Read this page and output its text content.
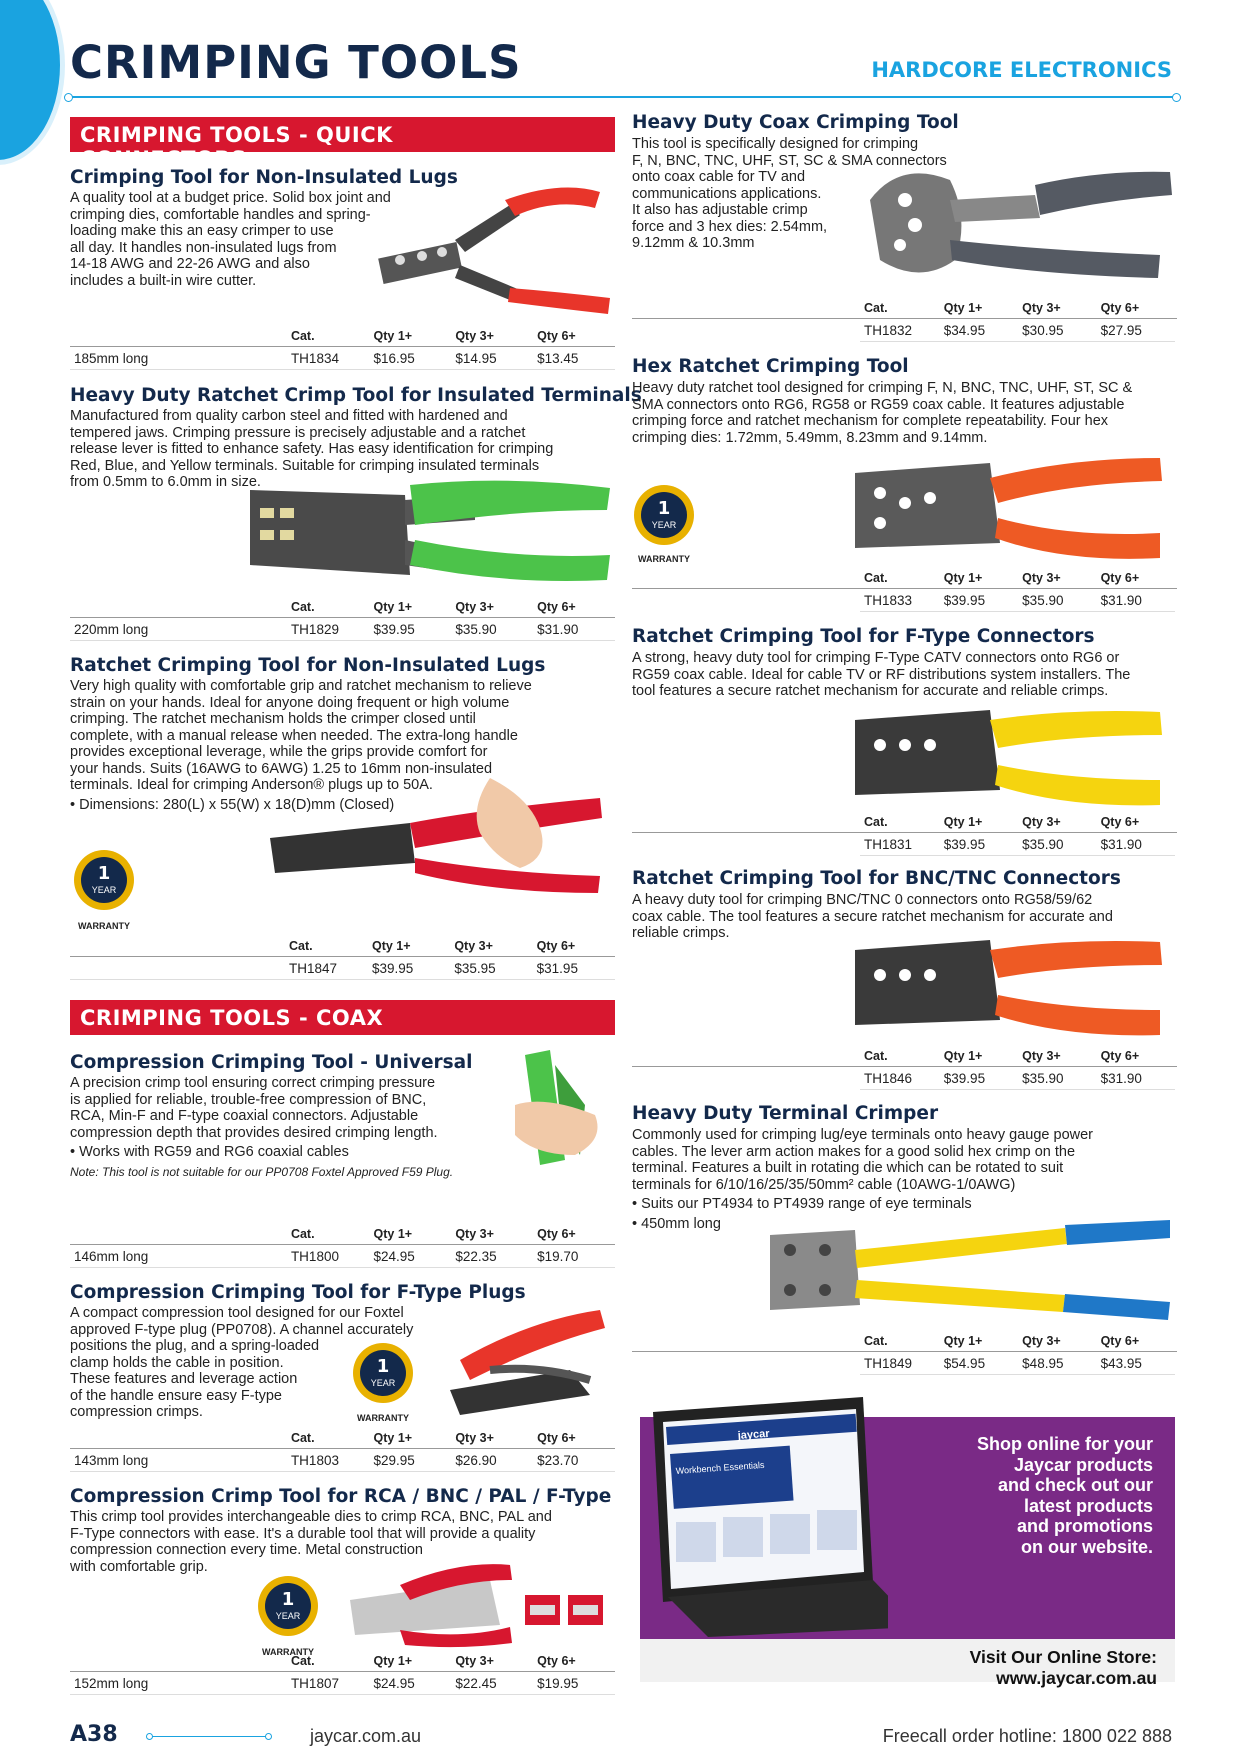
CRIMPING TOOLS	HARDCORE ELECTRONICS
CRIMPING TOOLS - QUICK CONNECTORS CONTINUED
Crimping Tool for Non-Insulated Lugs
A quality tool at a budget price. Solid box joint and
crimping dies, comfortable handles and spring-
loading make this an easy crimper to use
all day. It handles non-insulated lugs from
14-18 AWG and 22-26 AWG and also
includes a built-in wire cutter.
	Cat.	Qty 1+	Qty 3+	Qty 6+
185mm long	TH1834	$16.95	$14.95	$13.45
Heavy Duty Ratchet Crimp Tool for Insulated Terminals
Manufactured from quality carbon steel and fitted with hardened and
tempered jaws. Crimping pressure is precisely adjustable and a ratchet
release lever is fitted to enhance safety. Has easy identification for crimping
Red, Blue, and Yellow terminals. Suitable for crimping insulated terminals
from 0.5mm to 6.0mm in size.
	Cat.	Qty 1+	Qty 3+	Qty 6+
220mm long	TH1829	$39.95	$35.90	$31.90
Ratchet Crimping Tool for Non-Insulated Lugs
Very high quality with comfortable grip and ratchet mechanism to relieve
strain on your hands. Ideal for anyone doing frequent or high volume
crimping. The ratchet mechanism holds the crimper closed until
complete, with a manual release when needed. The extra-long handle
provides exceptional leverage, while the grips provide comfort for
your hands. Suits (16AWG to 6AWG) 1.25 to 16mm non-insulated
terminals. Ideal for crimping Anderson® plugs up to 50A.
• Dimensions: 280(L) x 55(W) x 18(D)mm (Closed)
1
YEAR
WARRANTY
	Cat.	Qty 1+	Qty 3+	Qty 6+
	TH1847	$39.95	$35.95	$31.95
CRIMPING TOOLS - COAX
Compression Crimping Tool - Universal
A precision crimp tool ensuring correct crimping pressure
is applied for reliable, trouble-free compression of BNC,
RCA, Min-F and F-type coaxial connectors. Adjustable
compression depth that provides desired crimping length.
• Works with RG59 and RG6 coaxial cables
Note: This tool is not suitable for our PP0708 Foxtel Approved F59 Plug.
	Cat.	Qty 1+	Qty 3+	Qty 6+
146mm long	TH1800	$24.95	$22.35	$19.70
Compression Crimping Tool for F-Type Plugs
A compact compression tool designed for our Foxtel
approved F-type plug (PP0708). A channel accurately
positions the plug, and a spring-loaded
clamp holds the cable in position.
These features and leverage action
of the handle ensure easy F-type
compression crimps.
1
YEAR
WARRANTY
	Cat.	Qty 1+	Qty 3+	Qty 6+
143mm long	TH1803	$29.95	$26.90	$23.70
Compression Crimp Tool for RCA / BNC / PAL / F-Type
This crimp tool provides interchangeable dies to crimp RCA, BNC, PAL and
F-Type connectors with ease. It's a durable tool that will provide a quality
compression connection every time. Metal construction
with comfortable grip.
1
YEAR
WARRANTY
	Cat.	Qty 1+	Qty 3+	Qty 6+
152mm long	TH1807	$24.95	$22.45	$19.95
Heavy Duty Coax Crimping Tool
This tool is specifically designed for crimping
F, N, BNC, TNC, UHF, ST, SC & SMA connectors
onto coax cable for TV and
communications applications.
It also has adjustable crimp
force and 3 hex dies: 2.54mm,
9.12mm & 10.3mm
Cat.	Qty 1+	Qty 3+	Qty 6+
TH1832	$34.95	$30.95	$27.95
Hex Ratchet Crimping Tool
Heavy duty ratchet tool designed for crimping F, N, BNC, TNC, UHF, ST, SC &
SMA connectors onto RG6, RG58 or RG59 coax cable. It features adjustable
crimping force and ratchet mechanism for complete repeatability. Four hex
crimping dies: 1.72mm, 5.49mm, 8.23mm and 9.14mm.
1
YEAR
WARRANTY
Cat.	Qty 1+	Qty 3+	Qty 6+
TH1833	$39.95	$35.90	$31.90
Ratchet Crimping Tool for F-Type Connectors
A strong, heavy duty tool for crimping F-Type CATV connectors onto RG6 or
RG59 coax cable. Ideal for cable TV or RF distributions system installers. The
tool features a secure ratchet mechanism for accurate and reliable crimps.
Cat.	Qty 1+	Qty 3+	Qty 6+
TH1831	$39.95	$35.90	$31.90
Ratchet Crimping Tool for BNC/TNC Connectors
A heavy duty tool for crimping BNC/TNC 0 connectors onto RG58/59/62
coax cable. The tool features a secure ratchet mechanism for accurate and
reliable crimps.
Cat.	Qty 1+	Qty 3+	Qty 6+
TH1846	$39.95	$35.90	$31.90
Heavy Duty Terminal Crimper
Commonly used for crimping lug/eye terminals onto heavy gauge power
cables. The lever arm action makes for a good solid hex crimp on the
terminal. Features a built in rotating die which can be rotated to suit
terminals for 6/10/16/25/35/50mm² cable (10AWG-1/0AWG)
• Suits our PT4934 to PT4939 range of eye terminals
• 450mm long
Cat.	Qty 1+	Qty 3+	Qty 6+
TH1849	$54.95	$48.95	$43.95
jaycar
Workbench Essentials
Shop online for your
Jaycar products
and check out our
latest products
and promotions
on our website.
Visit Our Online Store:
www.jaycar.com.au
A38	jaycar.com.au	Freecall order hotline: 1800 022 888
